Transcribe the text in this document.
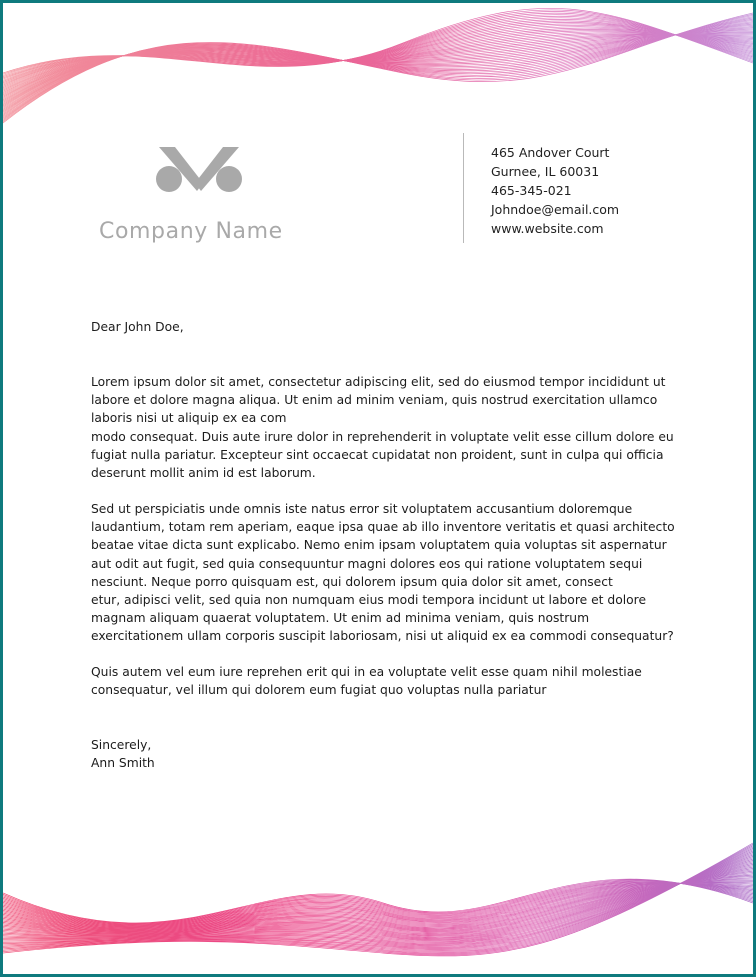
Company Name
465 Andover Court
Gurnee, IL 60031
465-345-021
Johndoe@email.com
www.website.com
Dear John Doe,
Lorem ipsum dolor sit amet, consectetur adipiscing elit, sed do eiusmod tempor incididunt ut labore et dolore magna aliqua. Ut enim ad minim veniam, quis nostrud exercitation ullamco laboris nisi ut aliquip ex ea com
modo consequat. Duis aute irure dolor in reprehenderit in voluptate velit esse cillum dolore eu fugiat nulla pariatur. Excepteur sint occaecat cupidatat non proident, sunt in culpa qui officia deserunt mollit anim id est laborum.
Sed ut perspiciatis unde omnis iste natus error sit voluptatem accusantium doloremque laudantium, totam rem aperiam, eaque ipsa quae ab illo inventore veritatis et quasi architecto beatae vitae dicta sunt explicabo. Nemo enim ipsam voluptatem quia voluptas sit aspernatur aut odit aut fugit, sed quia consequuntur magni dolores eos qui ratione voluptatem sequi nesciunt. Neque porro quisquam est, qui dolorem ipsum quia dolor sit amet, consect
etur, adipisci velit, sed quia non numquam eius modi tempora incidunt ut labore et dolore magnam aliquam quaerat voluptatem. Ut enim ad minima veniam, quis nostrum exercitationem ullam corporis suscipit laboriosam, nisi ut aliquid ex ea commodi consequatur?
Quis autem vel eum iure reprehen erit qui in ea voluptate velit esse quam nihil molestiae consequatur, vel illum qui dolorem eum fugiat quo voluptas nulla pariatur
Sincerely,
Ann Smith
